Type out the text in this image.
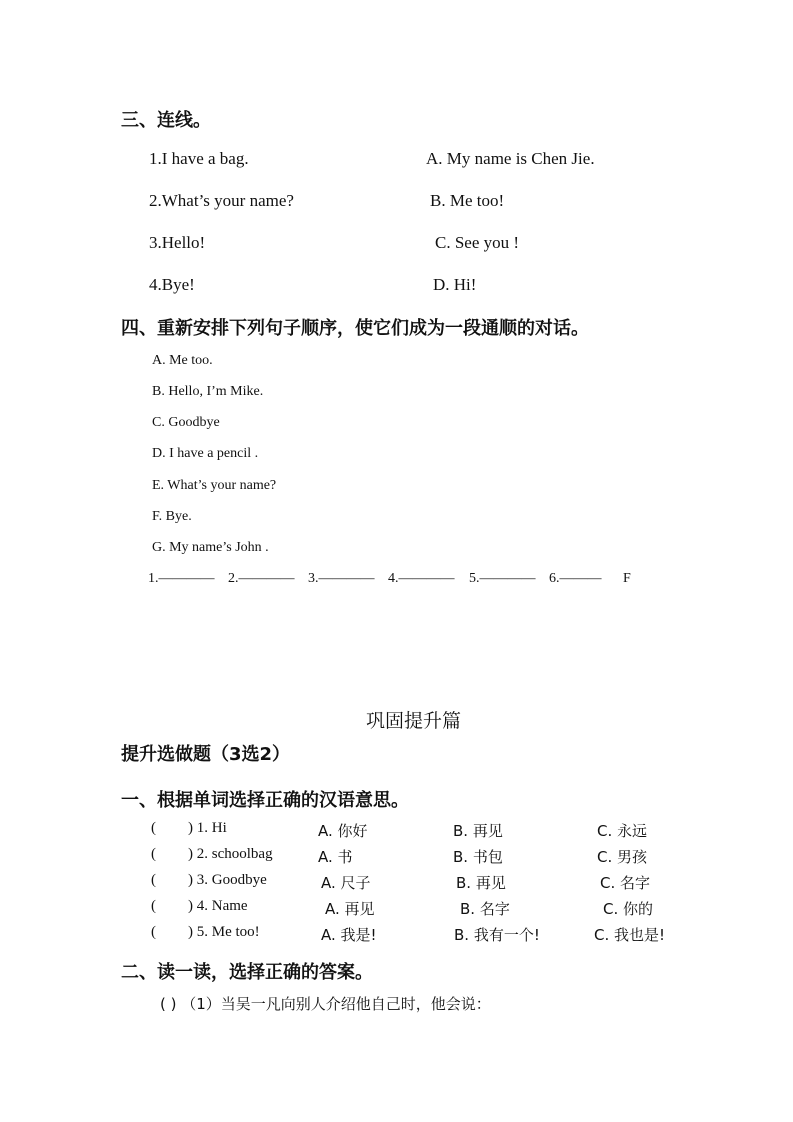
三、连线。
1.I have a bag.
2.What’s your name?
3.Hello!
4.Bye!
A. My name is Chen Jie.
B. Me too!
C. See you !
D. Hi!
四、重新安排下列句子顺序，使它们成为一段通顺的对话。
A. Me too.
B. Hello, I’m Mike.
C. Goodbye
D. I have a pencil .
E. What’s your name?
F. Bye.
G. My name’s John .
1.———— 2.———— 3.———— 4.———— 5.———— 6.——— F
巩固提升篇
提升选做题（3选2）
一、根据单词选择正确的汉语意思。
( ) 1. Hi	A. 你好	B. 再见	C. 永远
( ) 2. schoolbag	A. 书	B. 书包	C. 男孩
( ) 3. Goodbye	A. 尺子	B. 再见	C. 名字
( ) 4. Name	A. 再见	B. 名字	C. 你的
( ) 5. Me too!	A. 我是!	B. 我有一个!	C. 我也是!
二、读一读，选择正确的答案。
( ) （1）当吴一凡向别人介绍他自己时，他会说：
